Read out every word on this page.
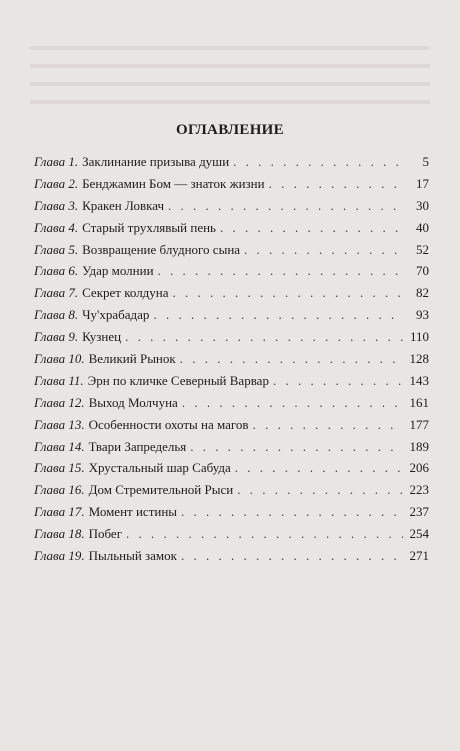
ОГЛАВЛЕНИЕ
Глава 1. Заклинание призыва души . . .	5
Глава 2. Бенджамин Бом — знаток жизни . . .	17
Глава 3. Кракен Ловкач . . .	30
Глава 4. Старый трухлявый пень . . .	40
Глава 5. Возвращение блудного сына . . .	52
Глава 6. Удар молнии . . .	70
Глава 7. Секрет колдуна . . .	82
Глава 8. Чу'храбадар . . .	93
Глава 9. Кузнец . . .	110
Глава 10. Великий Рынок . . .	128
Глава 11. Эрн по кличке Северный Варвар . . .	143
Глава 12. Выход Молчуна . . .	161
Глава 13. Особенности охоты на магов . . .	177
Глава 14. Твари Запределья . . .	189
Глава 15. Хрустальный шар Сабуда . . .	206
Глава 16. Дом Стремительной Рыси . . .	223
Глава 17. Момент истины . . .	237
Глава 18. Побег . . .	254
Глава 19. Пыльный замок . . .	271
